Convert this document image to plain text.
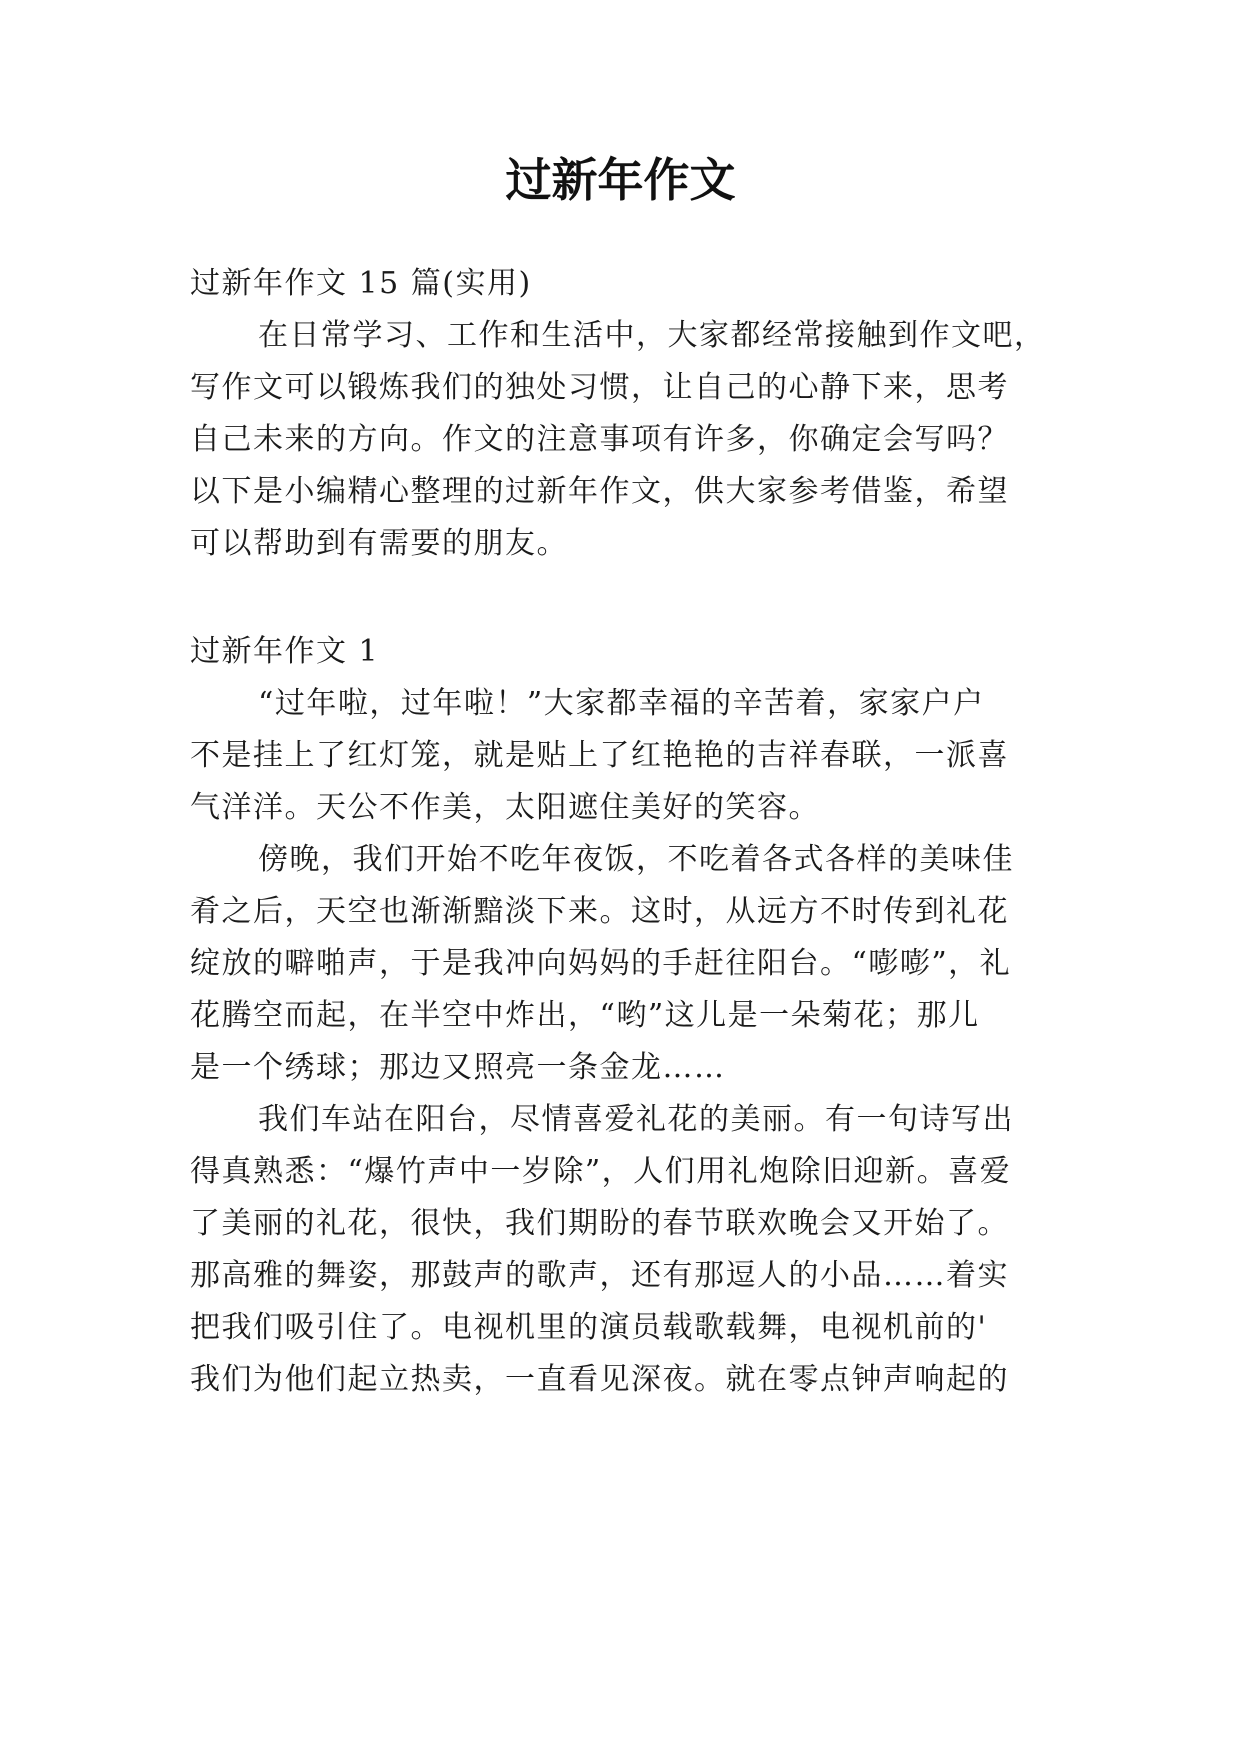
过新年作文

过新年作文 15 篇(实用)

在日常学习、工作和生活中，大家都经常接触到作文吧，

写作文可以锻炼我们的独处习惯，让自己的心静下来，思考

自己未来的方向。作文的注意事项有许多，你确定会写吗？

以下是小编精心整理的过新年作文，供大家参考借鉴，希望

可以帮助到有需要的朋友。

过新年作文 1

“过年啦，过年啦！”大家都幸福的辛苦着，家家户户

不是挂上了红灯笼，就是贴上了红艳艳的吉祥春联，一派喜

气洋洋。天公不作美，太阳遮住美好的笑容。

傍晚，我们开始不吃年夜饭，不吃着各式各样的美味佳

肴之后，天空也渐渐黯淡下来。这时，从远方不时传到礼花

绽放的噼啪声，于是我冲向妈妈的手赶往阳台。“嘭嘭”，礼

花腾空而起，在半空中炸出，“哟”这儿是一朵菊花；那儿

是一个绣球；那边又照亮一条金龙……

我们车站在阳台，尽情喜爱礼花的美丽。有一句诗写出

得真熟悉：“爆竹声中一岁除”，人们用礼炮除旧迎新。喜爱

了美丽的礼花，很快，我们期盼的春节联欢晚会又开始了。

那高雅的舞姿，那鼓声的歌声，还有那逗人的小品……着实

把我们吸引住了。电视机里的演员载歌载舞，电视机前的'

我们为他们起立热卖，一直看见深夜。就在零点钟声响起的
